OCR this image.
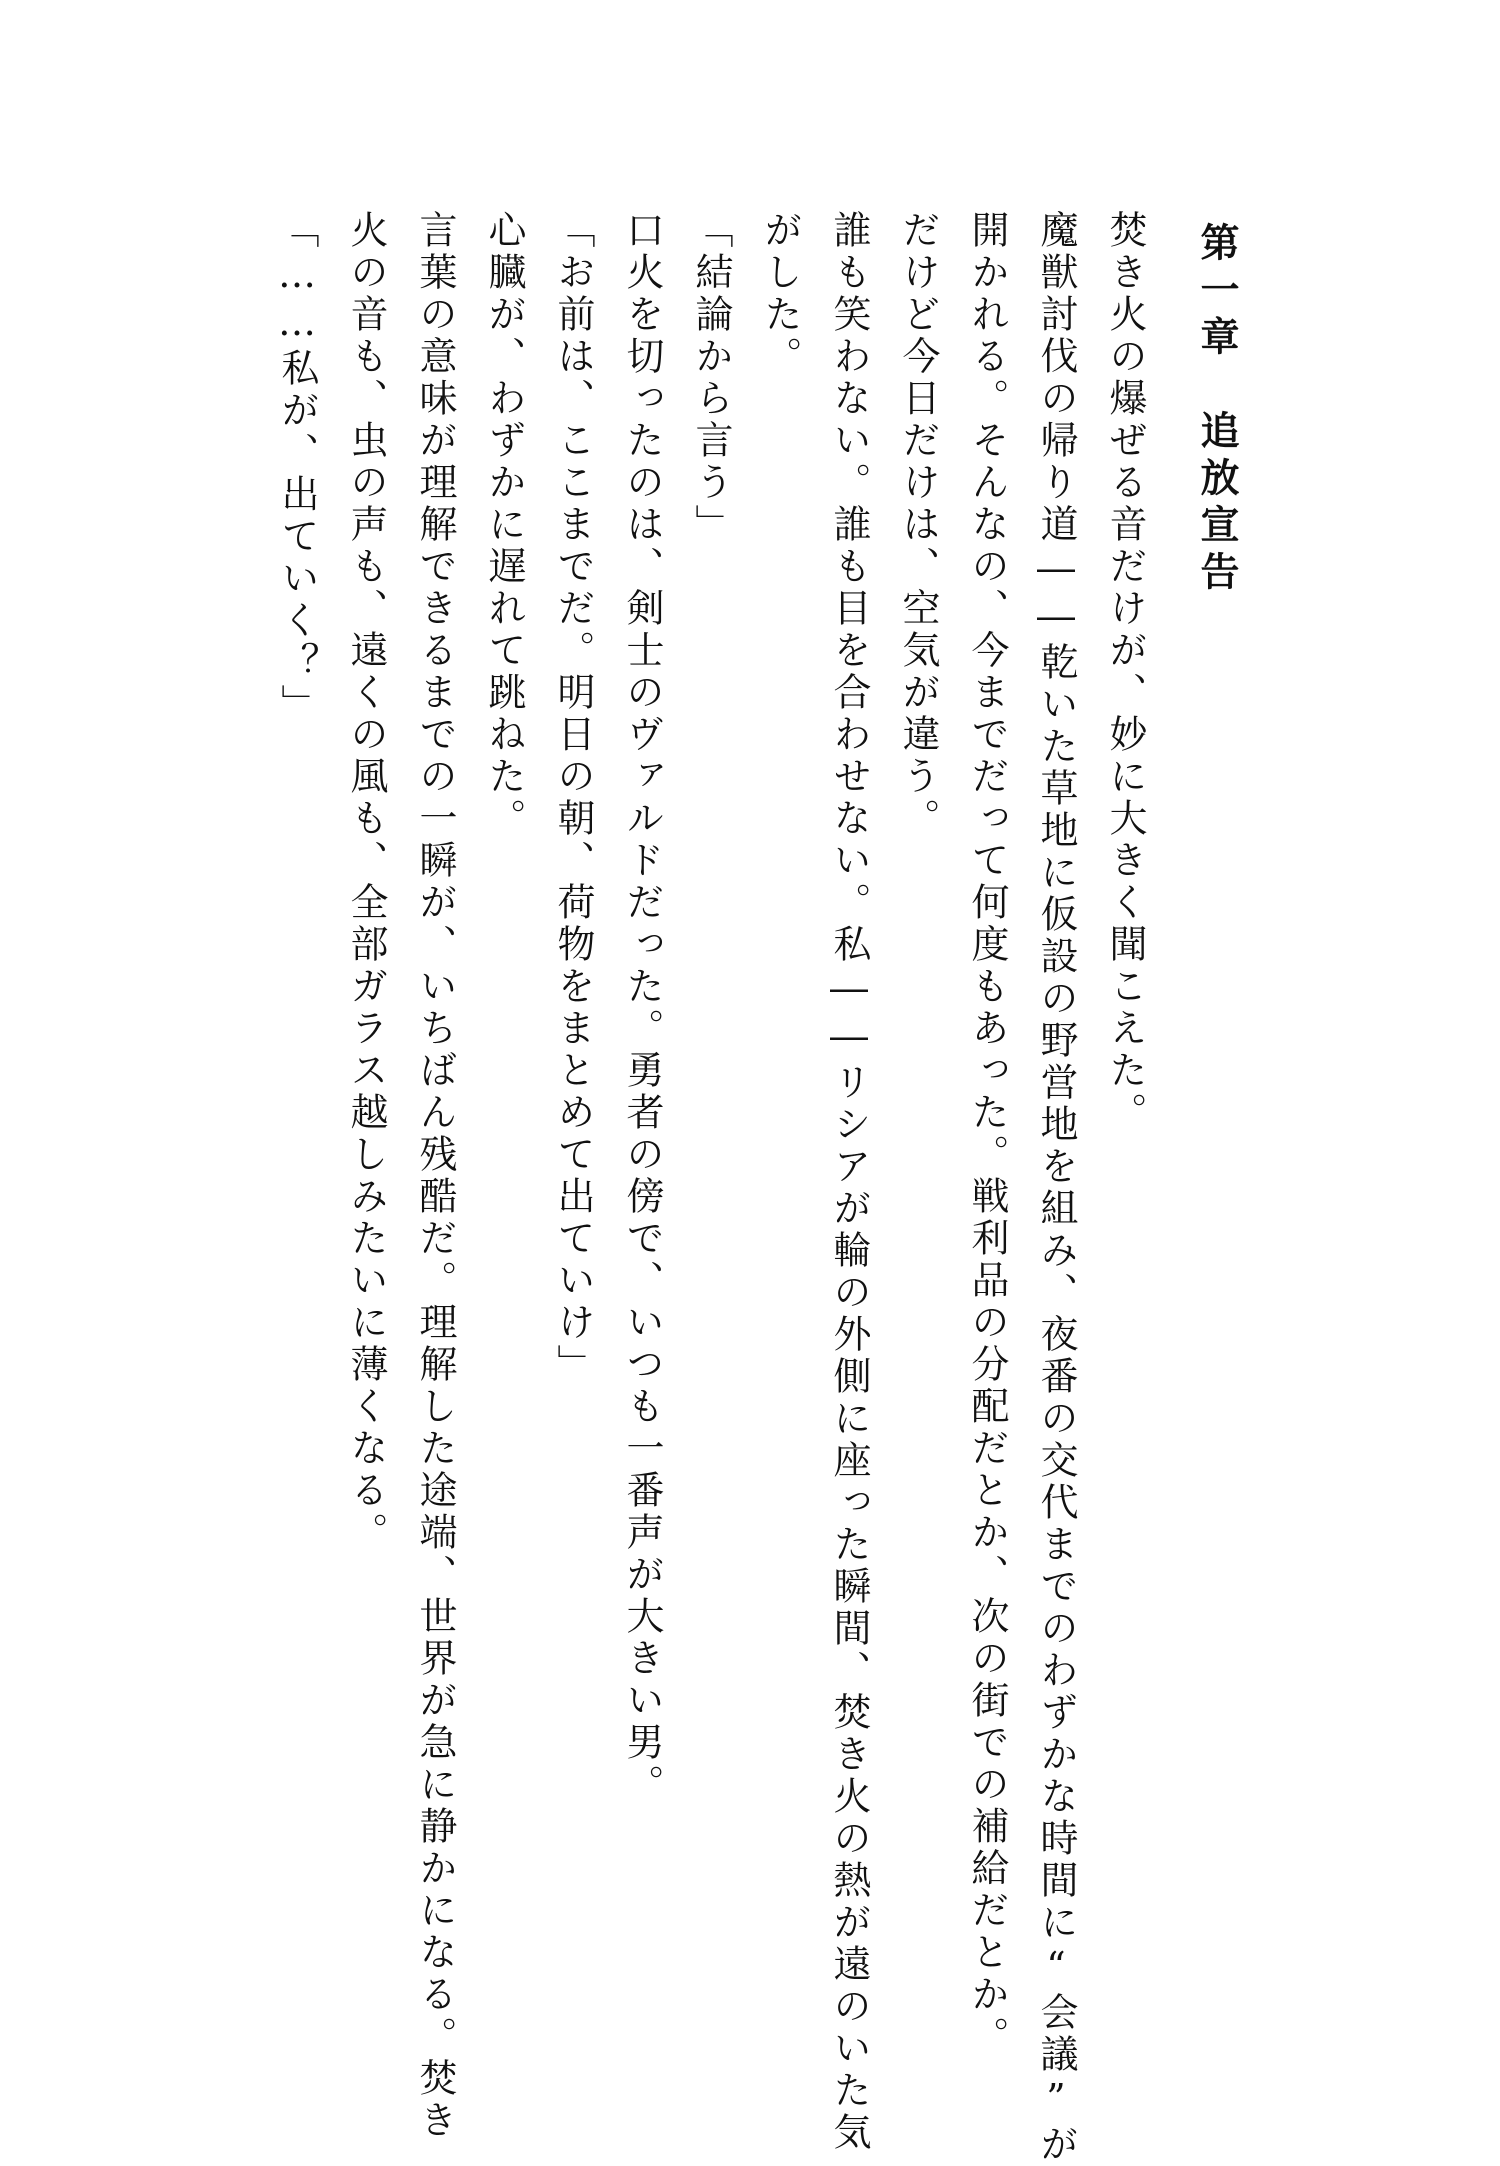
第一章　追放宣告
焚き火の爆ぜる音だけが、妙に大きく聞こえた。
魔獣討伐の帰り道――乾いた草地に仮設の野営地を組み、夜番の交代までのわずかな時間に“会議”が
開かれる。そんなの、今までだって何度もあった。戦利品の分配だとか、次の街での補給だとか。
だけど今日だけは、空気が違う。
誰も笑わない。誰も目を合わせない。私――リシアが輪の外側に座った瞬間、焚き火の熱が遠のいた気
がした。
「結論から言う」
口火を切ったのは、剣士のヴァルドだった。勇者の傍で、いつも一番声が大きい男。
「お前は、ここまでだ。明日の朝、荷物をまとめて出ていけ」
心臓が、わずかに遅れて跳ねた。
言葉の意味が理解できるまでの一瞬が、いちばん残酷だ。理解した途端、世界が急に静かになる。焚き
火の音も、虫の声も、遠くの風も、全部ガラス越しみたいに薄くなる。
「……私が、出ていく？」
